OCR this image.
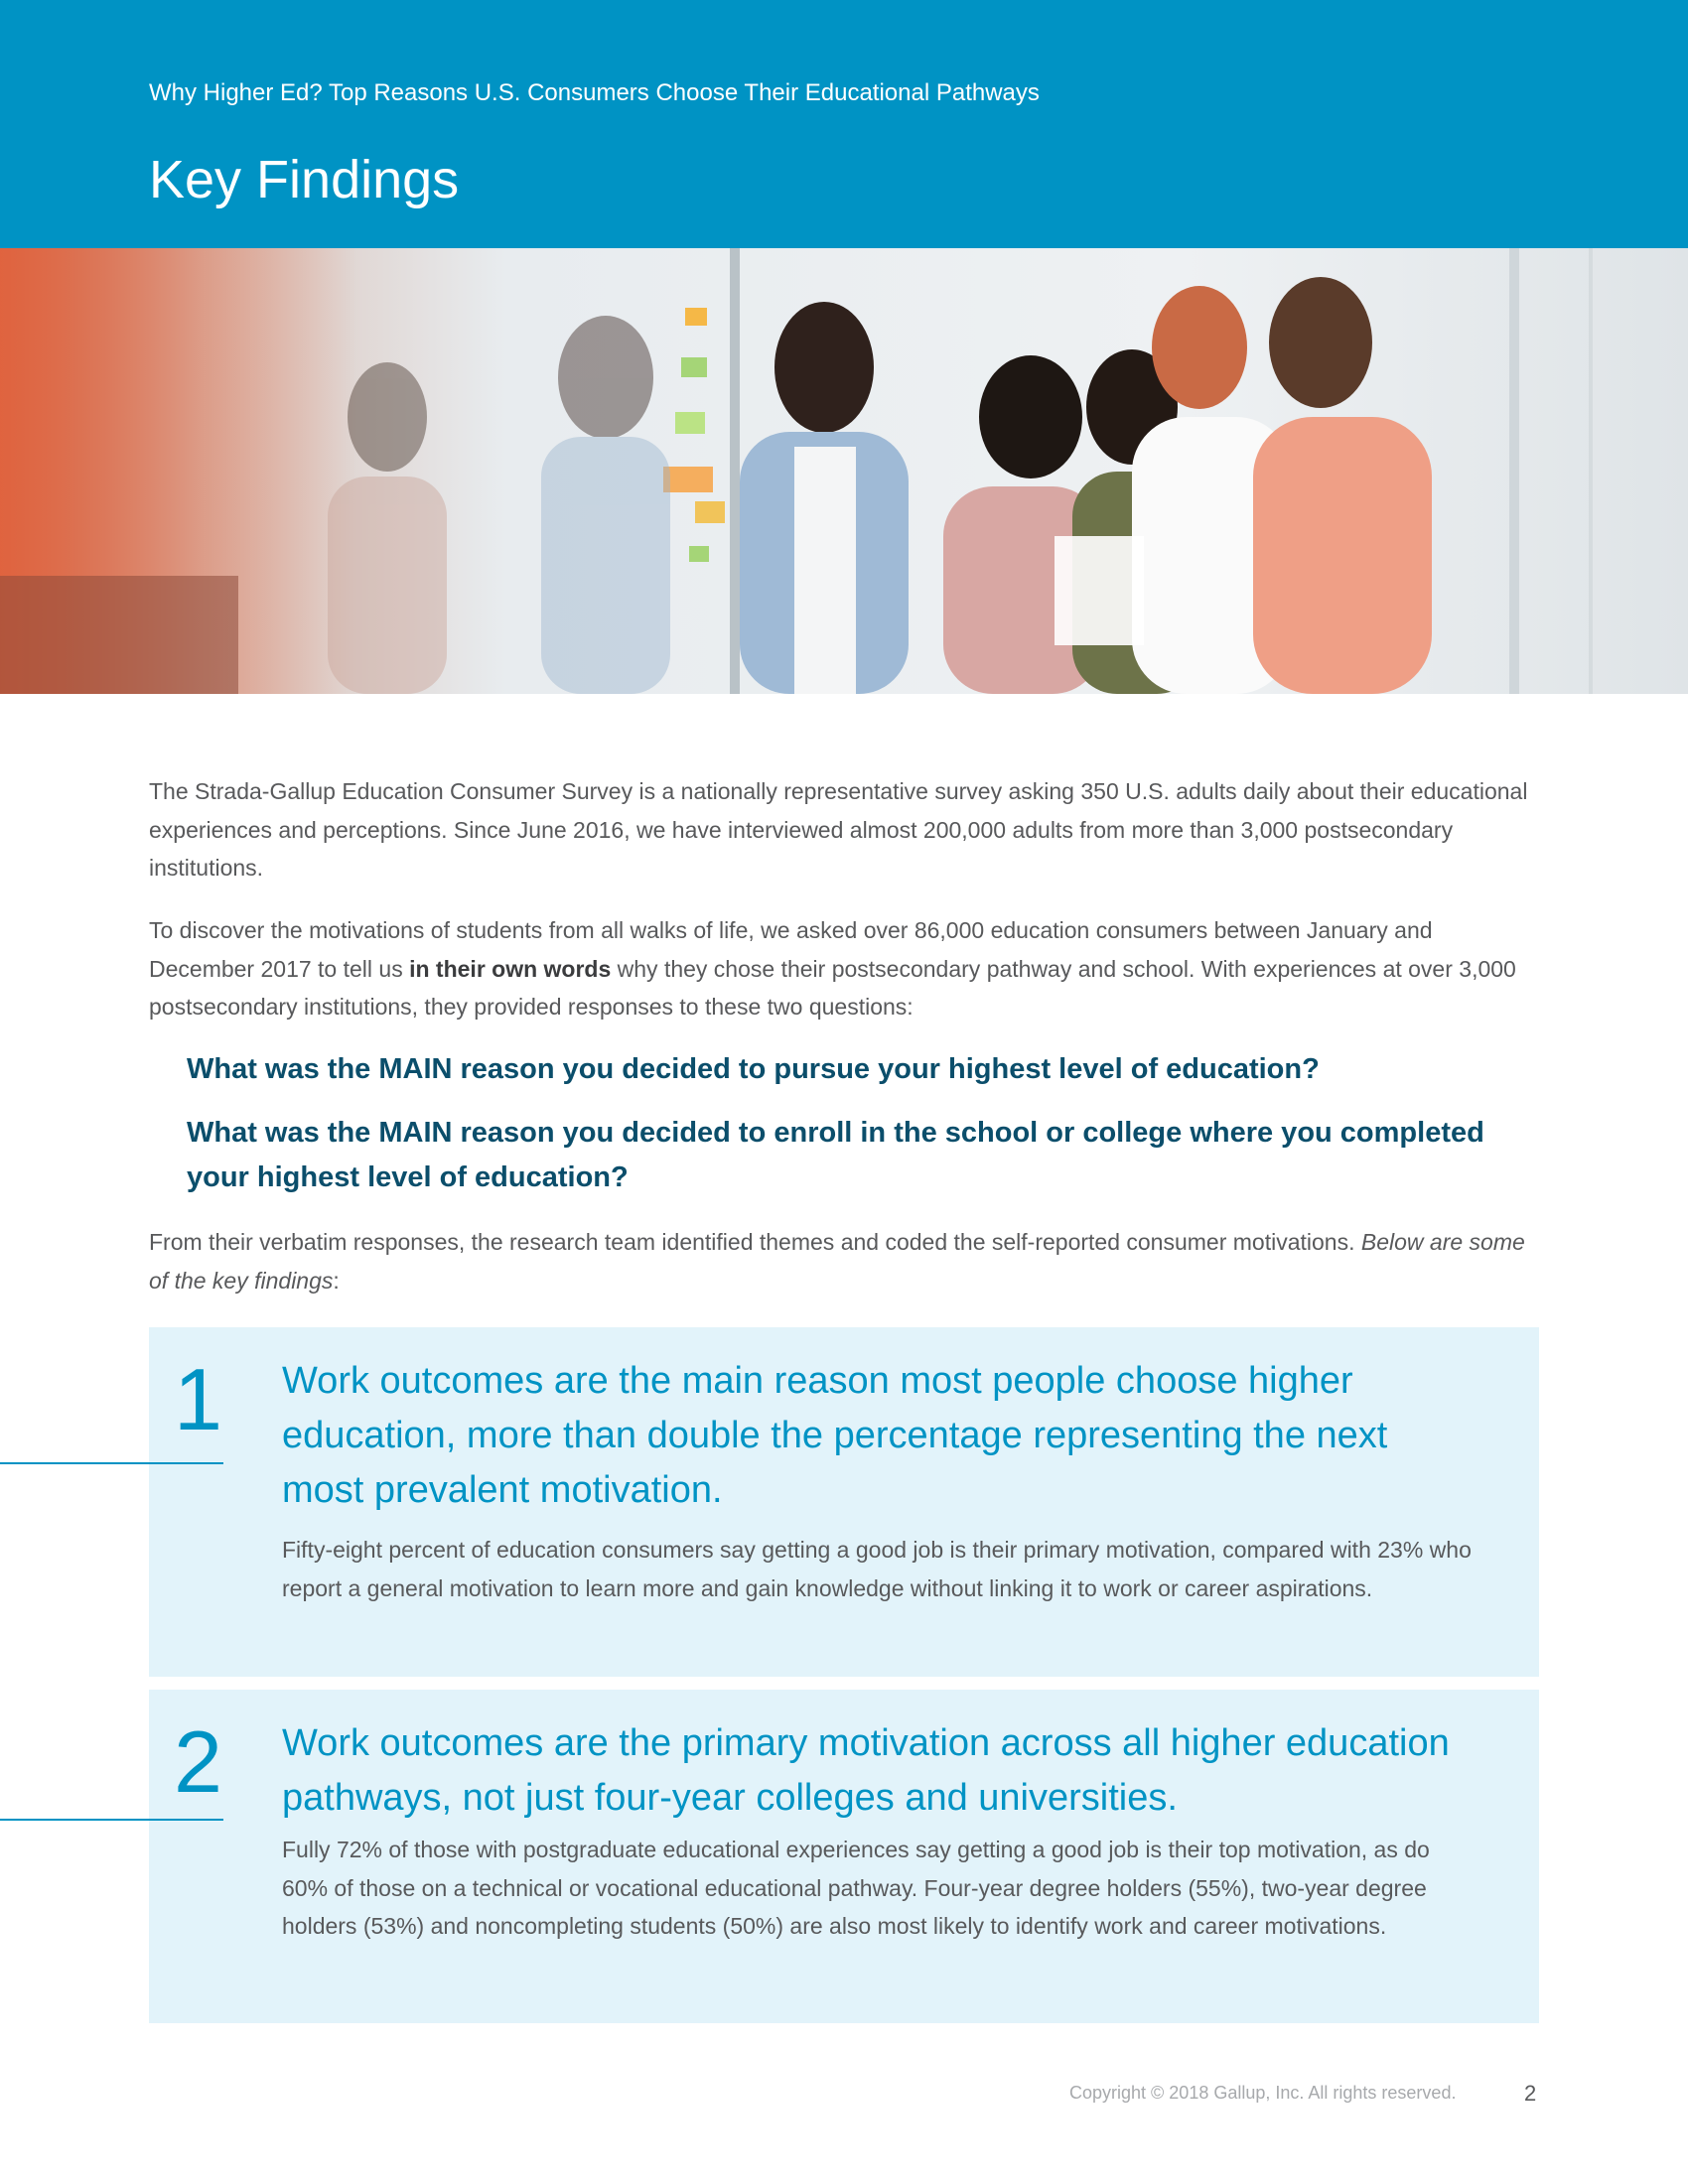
Why Higher Ed? Top Reasons U.S. Consumers Choose Their Educational Pathways
Key Findings

The Strada-Gallup Education Consumer Survey is a nationally representative survey asking 350 U.S. adults daily about their educational experiences and perceptions. Since June 2016, we have interviewed almost 200,000 adults from more than 3,000 postsecondary institutions.

To discover the motivations of students from all walks of life, we asked over 86,000 education consumers between January and December 2017 to tell us in their own words why they chose their postsecondary pathway and school. With experiences at over 3,000 postsecondary institutions, they provided responses to these two questions:

What was the MAIN reason you decided to pursue your highest level of education?

What was the MAIN reason you decided to enroll in the school or college where you completed your highest level of education?

From their verbatim responses, the research team identified themes and coded the self-reported consumer motivations. Below are some of the key findings:

1 Work outcomes are the main reason most people choose higher education, more than double the percentage representing the next most prevalent motivation.

Fifty-eight percent of education consumers say getting a good job is their primary motivation, compared with 23% who report a general motivation to learn more and gain knowledge without linking it to work or career aspirations.

2 Work outcomes are the primary motivation across all higher education pathways, not just four-year colleges and universities.

Fully 72% of those with postgraduate educational experiences say getting a good job is their top motivation, as do 60% of those on a technical or vocational educational pathway. Four-year degree holders (55%), two-year degree holders (53%) and noncompleting students (50%) are also most likely to identify work and career motivations.

Copyright © 2018 Gallup, Inc. All rights reserved.	2
